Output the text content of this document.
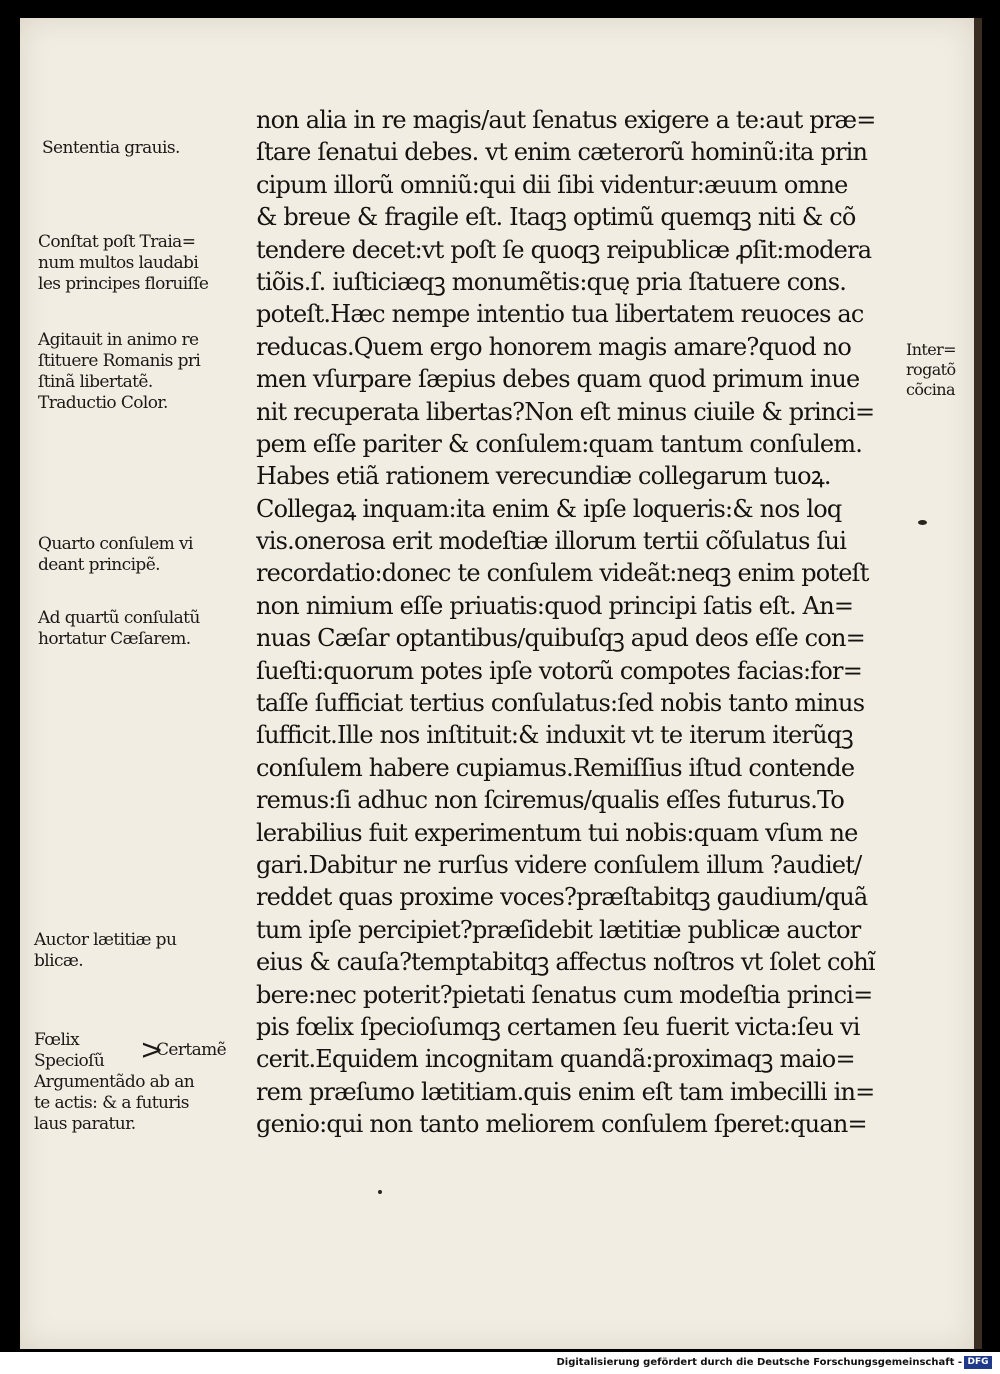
non alia in re magis/aut ſenatus exigere a te:aut præ=
ſtare ſenatui debes. vt enim cæterorũ hominũ:ita prin
cipum illorũ omniũ:qui dii ſibi videntur:æuum omne
& breue & fragile eſt. Itaqꝫ optimũ quemqꝫ niti & cõ
tendere decet:vt poſt ſe quoqꝫ reipublicæ ꝓſit:modera
tiõis.ſ. iuſticiæqꝫ monumẽtis:quę pria ſtatuere cons.
poteſt.Hæc nempe intentio tua libertatem reuoces ac
reducas.Quem ergo honorem magis amare?quod no
men vſurpare ſæpius debes quam quod primum inue
nit recuperata libertas?Non eſt minus ciuile & princi=
pem eſſe pariter & conſulem:quam tantum conſulem.
Habes etiã rationem verecundiæ collegarum tuoꝝ.
Collegaꝝ inquam:ita enim & ipſe loqueris:& nos loq
vis.onerosa erit modeſtiæ illorum tertii cõſulatus ſui
recordatio:donec te conſulem videãt:neqꝫ enim poteſt
non nimium eſſe priuatis:quod principi ſatis eſt. An=
nuas Cæſar optantibus/quibuſqꝫ apud deos eſſe con=
ſueſti:quorum potes ipſe votorũ compotes facias:for=
taſſe ſufficiat tertius conſulatus:ſed nobis tanto minus
ſufficit.Ille nos inſtituit:& induxit vt te iterum iterũqꝫ
conſulem habere cupiamus.Remiſſius iſtud contende
remus:ſi adhuc non ſciremus/qualis eſſes futurus.To
lerabilius fuit experimentum tui nobis:quam vſum ne
gari.Dabitur ne rurſus videre conſulem illum ?audiet/
reddet quas proxime voces?præſtabitqꝫ gaudium/quã
tum ipſe percipiet?præſidebit lætitiæ publicæ auctor
eius & cauſa?temptabitqꝫ affectus noſtros vt ſolet cohĩ
bere:nec poterit?pietati ſenatus cum modeſtia princi=
pis fœlix ſpecioſumqꝫ certamen ſeu fuerit victa:ſeu vi
cerit.Equidem incognitam quandã:proximaqꝫ maio=
rem præſumo lætitiam.quis enim eſt tam imbecilli in=
genio:qui non tanto meliorem conſulem ſperet:quan=
Sententia grauis.
Conſtat poſt Traia=
num multos laudabi
les principes floruiſſe
Agitauit in animo re
ſtituere Romanis pri
ſtinã libertatẽ.
Traductio Color.
Quarto conſulem vi
deant principẽ.
Ad quartũ conſulatũ
hortatur Cæſarem.
Auctor lætitiæ pu
blicæ.
Fœlix
Specioſũ >
Certamẽ
Argumentãdo ab an
te actis: & a futuris
laus paratur.
Inter=
rogatõ
cõcina
Digitalisierung gefördert durch die Deutsche Forschungsgemeinschaft - DFG
